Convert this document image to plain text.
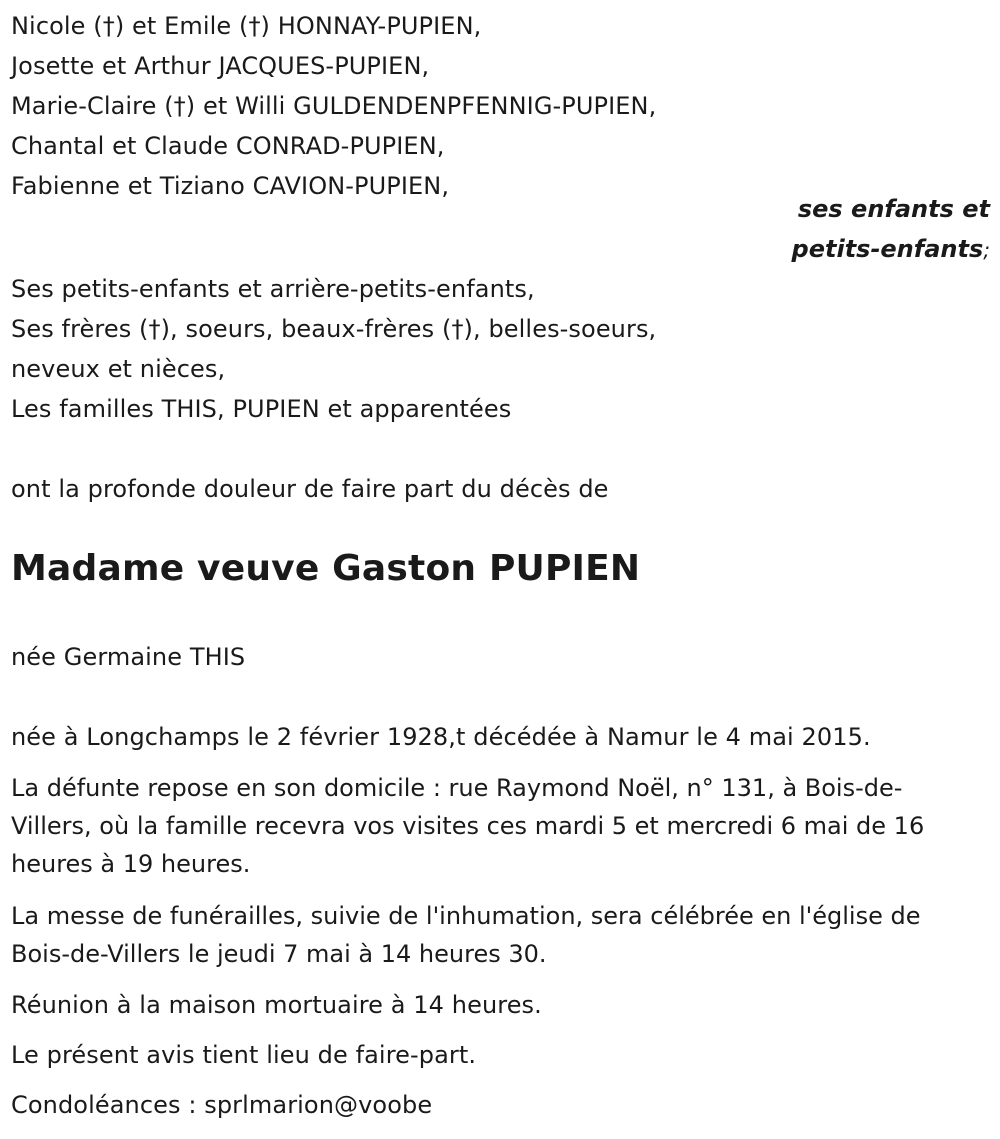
Nicole (†) et Emile (†) HONNAY-PUPIEN,

Josette et Arthur JACQUES-PUPIEN,

Marie-Claire (†) et Willi GULDENDENPFENNIG-PUPIEN,

Chantal et Claude CONRAD-PUPIEN,

Fabienne et Tiziano CAVION-PUPIEN,

ses enfants et

petits-enfants;

Ses petits-enfants et arrière-petits-enfants,

Ses frères (†), soeurs, beaux-frères (†), belles-soeurs,

neveux et nièces,

Les familles THIS, PUPIEN et apparentées

ont la profonde douleur de faire part du décès de

Madame veuve Gaston PUPIEN

née Germaine THIS

née à Longchamps le 2 février 1928,t décédée à Namur le 4 mai 2015.

La défunte repose en son domicile : rue Raymond Noël, n° 131, à Bois-de-Villers, où la famille recevra vos visites ces mardi 5 et mercredi 6 mai de 16 heures à 19 heures.

La messe de funérailles, suivie de l'inhumation, sera célébrée en l'église de Bois-de-Villers le jeudi 7 mai à 14 heures 30.

Réunion à la maison mortuaire à 14 heures.

Le présent avis tient lieu de faire-part.

Condoléances : sprlmarion@voobe
